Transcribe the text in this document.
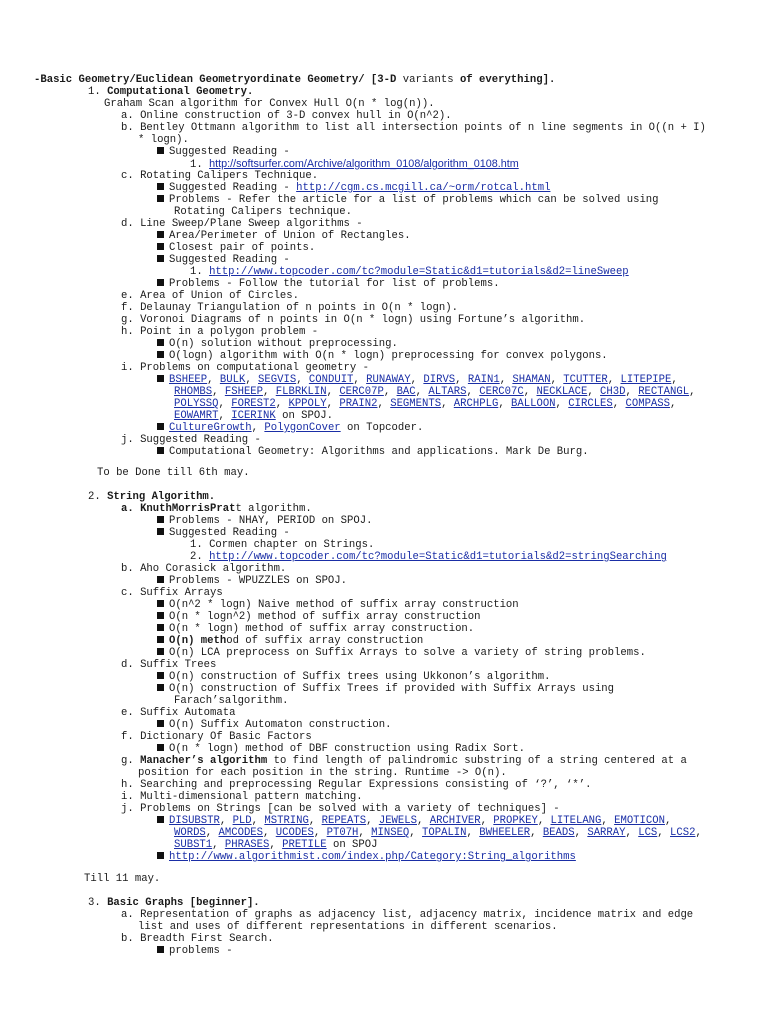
-Basic Geometry/Euclidean Geometryordinate Geometry/ [3-D variants of everything].
1. Computational Geometry.
Graham Scan algorithm for Convex Hull O(n * log(n)).
a. Online construction of 3-D convex hull in O(n^2).
b. Bentley Ottmann algorithm to list all intersection points of n line segments in O((n + I)
* logn).
Suggested Reading -
1. http://softsurfer.com/Archive/algorithm_0108/algorithm_0108.htm
c. Rotating Calipers Technique.
Suggested Reading - http://cgm.cs.mcgill.ca/~orm/rotcal.html
Problems - Refer the article for a list of problems which can be solved using
Rotating Calipers technique.
d. Line Sweep/Plane Sweep algorithms -
Area/Perimeter of Union of Rectangles.
Closest pair of points.
Suggested Reading -
1. http://www.topcoder.com/tc?module=Static&d1=tutorials&d2=lineSweep
Problems - Follow the tutorial for list of problems.
e. Area of Union of Circles.
f. Delaunay Triangulation of n points in O(n * logn).
g. Voronoi Diagrams of n points in O(n * logn) using Fortune’s algorithm.
h. Point in a polygon problem -
O(n) solution without preprocessing.
O(logn) algorithm with O(n * logn) preprocessing for convex polygons.
i. Problems on computational geometry -
BSHEEP, BULK, SEGVIS, CONDUIT, RUNAWAY, DIRVS, RAIN1, SHAMAN, TCUTTER, LITEPIPE,
RHOMBS, FSHEEP, FLBRKLIN, CERC07P, BAC, ALTARS, CERC07C, NECKLACE, CH3D, RECTANGL,
POLYSSQ, FOREST2, KPPOLY, PRAIN2, SEGMENTS, ARCHPLG, BALLOON, CIRCLES, COMPASS,
EOWAMRT, ICERINK on SPOJ.
CultureGrowth, PolygonCover on Topcoder.
j. Suggested Reading -
Computational Geometry: Algorithms and applications. Mark De Burg.
To be Done till 6th may.
2. String Algorithm.
a. KnuthMorrisPratt algorithm.
Problems - NHAY, PERIOD on SPOJ.
Suggested Reading -
1. Cormen chapter on Strings.
2. http://www.topcoder.com/tc?module=Static&d1=tutorials&d2=stringSearching
b. Aho Corasick algorithm.
Problems - WPUZZLES on SPOJ.
c. Suffix Arrays
O(n^2 * logn) Naive method of suffix array construction
O(n * logn^2) method of suffix array construction
O(n * logn) method of suffix array construction.
O(n) method of suffix array construction
O(n) LCA preprocess on Suffix Arrays to solve a variety of string problems.
d. Suffix Trees
O(n) construction of Suffix trees using Ukkonon’s algorithm.
O(n) construction of Suffix Trees if provided with Suffix Arrays using
Farach’salgorithm.
e. Suffix Automata
O(n) Suffix Automaton construction.
f. Dictionary Of Basic Factors
O(n * logn) method of DBF construction using Radix Sort.
g. Manacher’s algorithm to find length of palindromic substring of a string centered at a
position for each position in the string. Runtime -> O(n).
h. Searching and preprocessing Regular Expressions consisting of ‘?’, ‘*’.
i. Multi-dimensional pattern matching.
j. Problems on Strings [can be solved with a variety of techniques] -
DISUBSTR, PLD, MSTRING, REPEATS, JEWELS, ARCHIVER, PROPKEY, LITELANG, EMOTICON,
WORDS, AMCODES, UCODES, PT07H, MINSEQ, TOPALIN, BWHEELER, BEADS, SARRAY, LCS, LCS2,
SUBST1, PHRASES, PRETILE on SPOJ
http://www.algorithmist.com/index.php/Category:String_algorithms
Till 11 may.
3. Basic Graphs [beginner].
a. Representation of graphs as adjacency list, adjacency matrix, incidence matrix and edge
list and uses of different representations in different scenarios.
b. Breadth First Search.
problems -
